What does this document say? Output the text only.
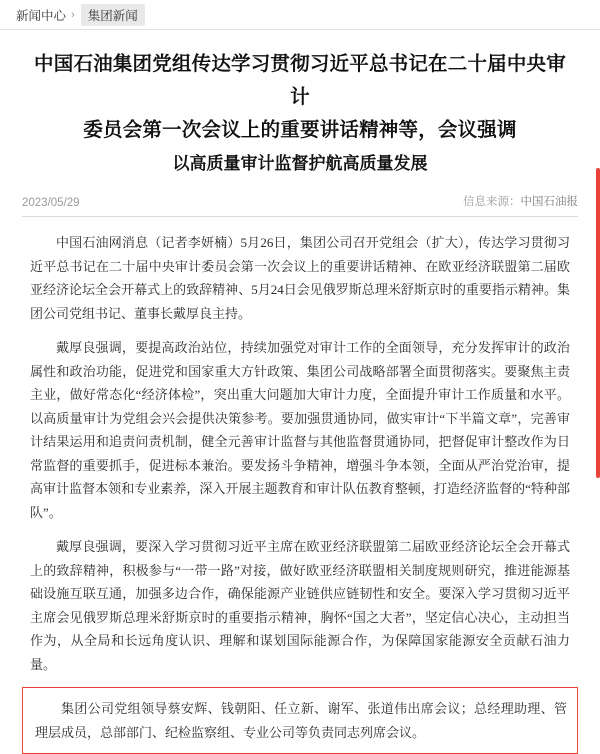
新闻中心 ›	集团新闻
中国石油集团党组传达学习贯彻习近平总书记在二十届中央审计
委员会第一次会议上的重要讲话精神等，会议强调
以高质量审计监督护航高质量发展
2023/05/29	信息来源：中国石油报

中国石油网消息（记者李妍楠）5月26日，集团公司召开党组会（扩大），传达学习贯彻习近平总书记在二十届中央审计委员会第一次会议上的重要讲话精神、在欧亚经济联盟第二届欧亚经济论坛全会开幕式上的致辞精神、5月24日会见俄罗斯总理米舒斯京时的重要指示精神。集团公司党组书记、董事长戴厚良主持。

戴厚良强调，要提高政治站位，持续加强党对审计工作的全面领导，充分发挥审计的政治属性和政治功能，促进党和国家重大方针政策、集团公司战略部署全面贯彻落实。要聚焦主责主业，做好常态化“经济体检”，突出重大问题加大审计力度，全面提升审计工作质量和水平。以高质量审计为党组会兴会提供决策参考。要加强贯通协同，做实审计“下半篇文章”，完善审计结果运用和追责问责机制，健全元善审计监督与其他监督贯通协同，把督促审计整改作为日常监督的重要抓手，促进标本兼治。要发扬斗争精神，增强斗争本领，全面从严治党治审，提高审计监督本领和专业素养，深入开展主题教育和审计队伍教育整顿，打造经济监督的“特种部队”。

戴厚良强调，要深入学习贯彻习近平主席在欧亚经济联盟第二届欧亚经济论坛全会开幕式上的致辞精神，积极参与“一带一路”对接，做好欧亚经济联盟相关制度规则研究，推进能源基础设施互联互通，加强多边合作，确保能源产业链供应链韧性和安全。要深入学习贯彻习近平主席会见俄罗斯总理米舒斯京时的重要指示精神，胸怀“国之大者”，坚定信心决心，主动担当作为，从全局和长远角度认识、理解和谋划国际能源合作，为保障国家能源安全贡献石油力量。

集团公司党组领导蔡安辉、钱朝阳、任立新、谢军、张道伟出席会议；总经理助理、管理层成员，总部部门、纪检监察组、专业公司等负责同志列席会议。
